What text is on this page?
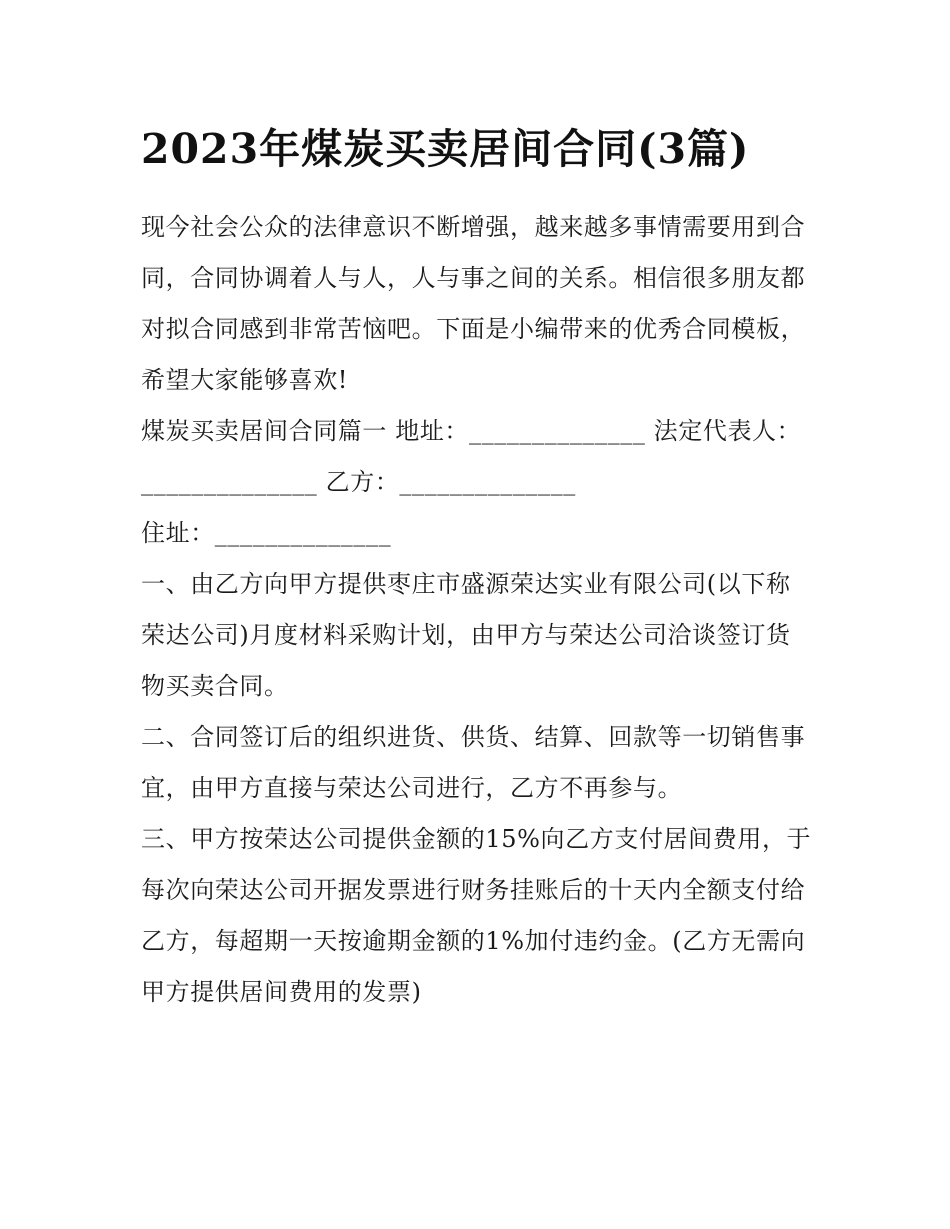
2023年煤炭买卖居间合同(3篇)

现今社会公众的法律意识不断增强，越来越多事情需要用到合同，合同协调着人与人，人与事之间的关系。相信很多朋友都对拟合同感到非常苦恼吧。下面是小编带来的优秀合同模板，希望大家能够喜欢!

煤炭买卖居间合同篇一 地址：______________ 法定代表人：______________ 乙方：______________

住址：______________

一、由乙方向甲方提供枣庄市盛源荣达实业有限公司(以下称荣达公司)月度材料采购计划，由甲方与荣达公司洽谈签订货物买卖合同。

二、合同签订后的组织进货、供货、结算、回款等一切销售事宜，由甲方直接与荣达公司进行，乙方不再参与。

三、甲方按荣达公司提供金额的15%向乙方支付居间费用，于每次向荣达公司开据发票进行财务挂账后的十天内全额支付给乙方，每超期一天按逾期金额的1%加付违约金。(乙方无需向甲方提供居间费用的发票)
